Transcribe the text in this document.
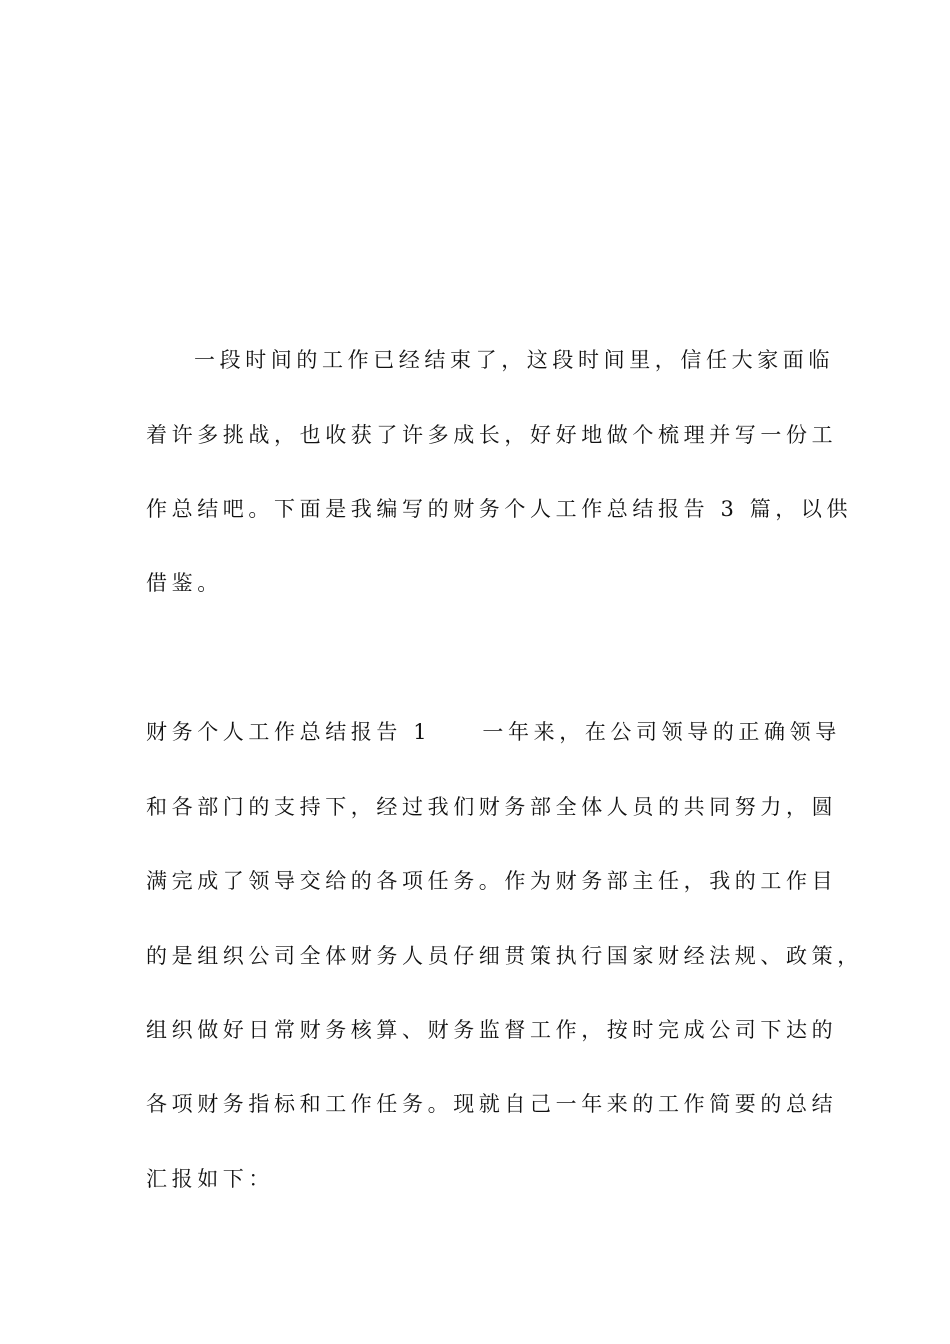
一段时间的工作已经结束了，这段时间里，信任大家面临
着许多挑战，也收获了许多成长，好好地做个梳理并写一份工
作总结吧。下面是我编写的财务个人工作总结报告 3 篇，以供
借鉴。
财务个人工作总结报告 1　　一年来，在公司领导的正确领导
和各部门的支持下，经过我们财务部全体人员的共同努力，圆
满完成了领导交给的各项任务。作为财务部主任，我的工作目
的是组织公司全体财务人员仔细贯策执行国家财经法规、政策，
组织做好日常财务核算、财务监督工作，按时完成公司下达的
各项财务指标和工作任务。现就自己一年来的工作简要的总结
汇报如下：
